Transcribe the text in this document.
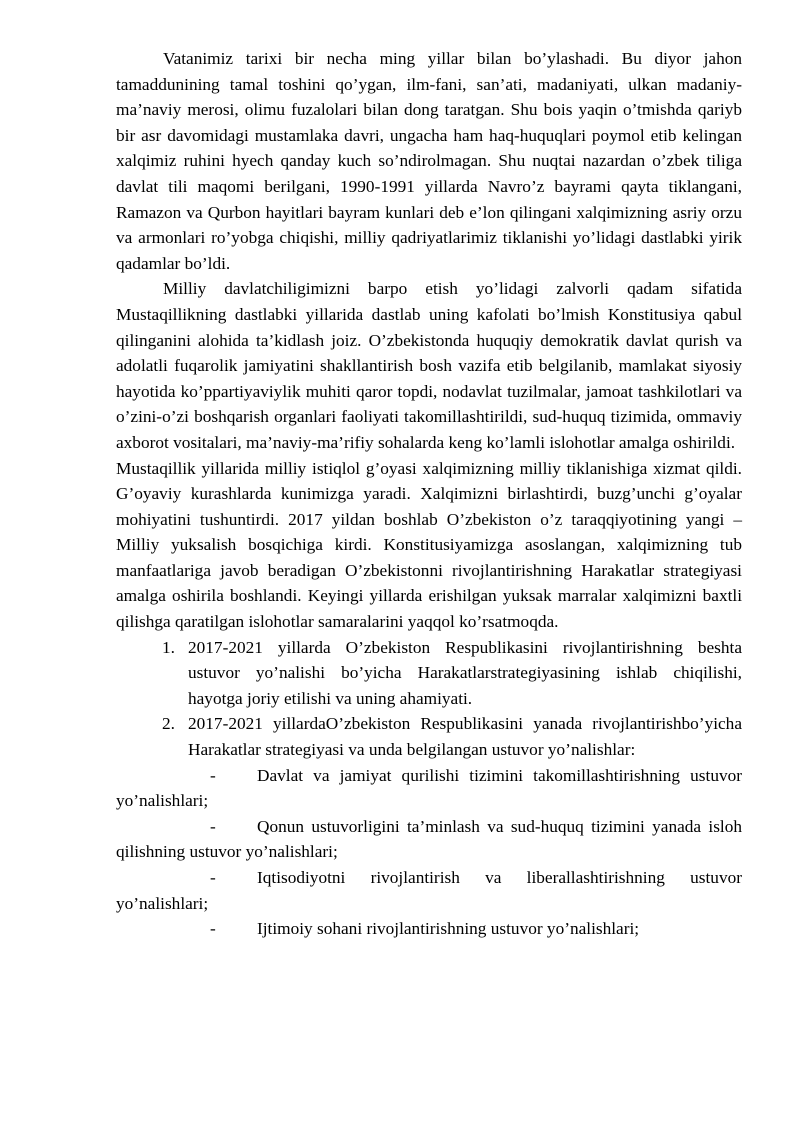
Vatanimiz tarixi bir necha ming yillar bilan bo’ylashadi. Bu diyor jahon tamaddunining tamal toshini qo’ygan, ilm-fani, san’ati, madaniyati, ulkan madaniy-ma’naviy merosi, olimu fuzalolari bilan dong taratgan. Shu bois yaqin o’tmishda qariyb bir asr davomidagi mustamlaka davri, ungacha ham haq-huquqlari poymol etib kelingan xalqimiz ruhini hyech qanday kuch so’ndirolmagan. Shu nuqtai nazardan o’zbek tiliga davlat tili maqomi berilgani, 1990-1991 yillarda Navro’z bayrami qayta tiklangani, Ramazon va Qurbon hayitlari bayram kunlari deb e’lon qilingani xalqimizning asriy orzu va armonlari ro’yobga chiqishi, milliy qadriyatlarimiz tiklanishi yo’lidagi dastlabki yirik qadamlar bo’ldi.

Milliy davlatchiligimizni barpo etish yo’lidagi zalvorli qadam sifatida Mustaqillikning dastlabki yillarida dastlab uning kafolati bo’lmish Konstitusiya qabul qilinganini alohida ta’kidlash joiz. O’zbekistonda huquqiy demokratik davlat qurish va adolatli fuqarolik jamiyatini shakllantirish bosh vazifa etib belgilanib, mamlakat siyosiy hayotida ko’ppartiyaviylik muhiti qaror topdi, nodavlat tuzilmalar, jamoat tashkilotlari va o’zini-o’zi boshqarish organlari faoliyati takomillashtirildi, sud-huquq tizimida, ommaviy axborot vositalari, ma’naviy-ma’rifiy sohalarda keng ko’lamli islohotlar amalga oshirildi.

Mustaqillik yillarida milliy istiqlol g’oyasi xalqimizning milliy tiklanishiga xizmat qildi. G’oyaviy kurashlarda kunimizga yaradi. Xalqimizni birlashtirdi, buzg’unchi g’oyalar mohiyatini tushuntirdi. 2017 yildan boshlab O’zbekiston o’z taraqqiyotining yangi – Milliy yuksalish bosqichiga kirdi. Konstitusiyamizga asoslangan, xalqimizning tub manfaatlariga javob beradigan O’zbekistonni rivojlantirishning Harakatlar strategiyasi amalga oshirila boshlandi. Keyingi yillarda erishilgan yuksak marralar xalqimizni baxtli qilishga qaratilgan islohotlar samaralarini yaqqol ko’rsatmoqda.

1. 2017-2021 yillarda O’zbekiston Respublikasini rivojlantirishning beshta ustuvor yo’nalishi bo’yicha Harakatlarstrategiyasining ishlab chiqilishi, hayotga joriy etilishi va uning ahamiyati.
2. 2017-2021 yillardaO’zbekiston Respublikasini yanada rivojlantirishbo’yicha Harakatlar strategiyasi va unda belgilangan ustuvor yo’nalishlar:
- Davlat va jamiyat qurilishi tizimini takomillashtirishning ustuvor yo’nalishlari;
- Qonun ustuvorligini ta’minlash va sud-huquq tizimini yanada isloh qilishning ustuvor yo’nalishlari;
- Iqtisodiyotni rivojlantirish va liberallashtirishning ustuvor yo’nalishlari;
- Ijtimoiy sohani rivojlantirishning ustuvor yo’nalishlari;
